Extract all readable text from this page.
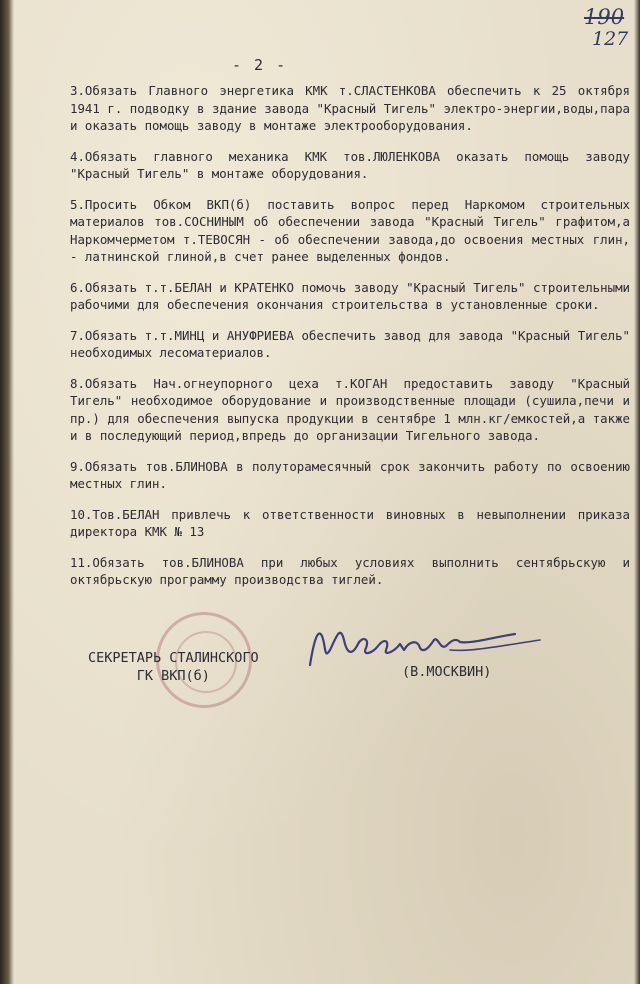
190
127
- 2 -

3.Обязать Главного энергетика КМК т.СЛАСТЕНКОВА обеспечить к 25 октября 1941 г. подводку в здание завода "Красный Тигель" электро-энергии,воды,пара и оказать помощь заводу в монтаже электрооборудования.

4.Обязать главного механика КМК тов.ЛЮЛЕНКОВА оказать помощь заводу "Красный Тигель" в монтаже оборудования.

5.Просить Обком ВКП(б) поставить вопрос перед Наркомом строительных материалов тов.СОСНИНЫМ об обеспечении завода "Красный Тигель" графитом,а Наркомчерметом т.ТЕВОСЯН - об обеспечении завода,до освоения местных глин, - латнинской глиной,в счет ранее выделенных фондов.

6.Обязать т.т.БЕЛАН и КРАТЕНКО помочь заводу "Красный Тигель" строительными рабочими для обеспечения окончания строительства в установленные сроки.

7.Обязать т.т.МИНЦ и АНУФРИЕВА обеспечить завод для завода "Красный Тигель" необходимых лесоматериалов.

8.Обязать Нач.огнеупорного цеха т.КОГАН предоставить заводу "Красный Тигель" необходимое оборудование и производственные площади (сушила,печи и пр.) для обеспечения выпуска продукции в сентябре 1 млн.кг/емкостей,а также и в последующий период,впредь до организации Тигельного завода.

9.Обязать тов.БЛИНОВА в полуторамесячный срок закончить работу по освоению местных глин.

10.Тов.БЕЛАН привлечь к ответственности виновных в невыполнении приказа директора КМК № 13

11.Обязать тов.БЛИНОВА при любых условиях выполнить сентябрьскую и октябрьскую программу производства тиглей.

СЕКРЕТАРЬ СТАЛИНСКОГО
ГК ВКП(б)	(В.МОСКВИН)
